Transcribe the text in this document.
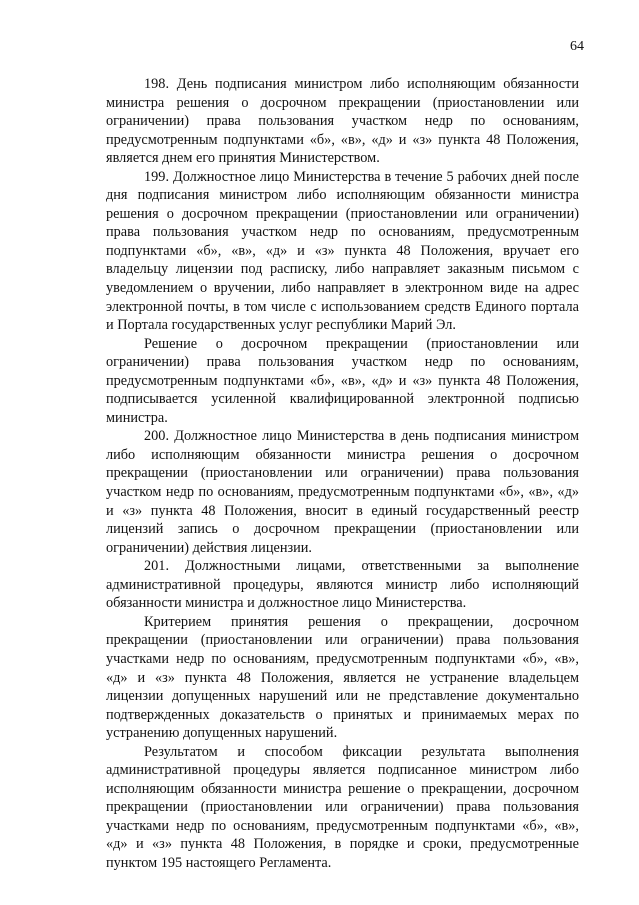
64

198. День подписания министром либо исполняющим обязанности министра решения о досрочном прекращении (приостановлении или ограничении) права пользования участком недр по основаниям, предусмотренным подпунктами «б», «в», «д» и «з» пункта 48 Положения, является днем его принятия Министерством.

199. Должностное лицо Министерства в течение 5 рабочих дней после дня подписания министром либо исполняющим обязанности министра решения о досрочном прекращении (приостановлении или ограничении) права пользования участком недр по основаниям, предусмотренным подпунктами «б», «в», «д» и «з» пункта 48 Положения, вручает его владельцу лицензии под расписку, либо направляет заказным письмом с уведомлением о вручении, либо направляет в электронном виде на адрес электронной почты, в том числе с использованием средств Единого портала и Портала государственных услуг республики Марий Эл.

Решение о досрочном прекращении (приостановлении или ограничении) права пользования участком недр по основаниям, предусмотренным подпунктами «б», «в», «д» и «з» пункта 48 Положения, подписывается усиленной квалифицированной электронной подписью министра.

200. Должностное лицо Министерства в день подписания министром либо исполняющим обязанности министра решения о досрочном прекращении (приостановлении или ограничении) права пользования участком недр по основаниям, предусмотренным подпунктами «б», «в», «д» и «з» пункта 48 Положения, вносит в единый государственный реестр лицензий запись о досрочном прекращении (приостановлении или ограничении) действия лицензии.

201. Должностными лицами, ответственными за выполнение административной процедуры, являются министр либо исполняющий обязанности министра и должностное лицо Министерства.

Критерием принятия решения о прекращении, досрочном прекращении (приостановлении или ограничении) права пользования участками недр по основаниям, предусмотренным подпунктами «б», «в», «д» и «з» пункта 48 Положения, является не устранение владельцем лицензии допущенных нарушений или не представление документально подтвержденных доказательств о принятых и принимаемых мерах по устранению допущенных нарушений.

Результатом и способом фиксации результата выполнения административной процедуры является подписанное министром либо исполняющим обязанности министра решение о прекращении, досрочном прекращении (приостановлении или ограничении) права пользования участками недр по основаниям, предусмотренным подпунктами «б», «в», «д» и «з» пункта 48 Положения, в порядке и сроки, предусмотренные пунктом 195 настоящего Регламента.
